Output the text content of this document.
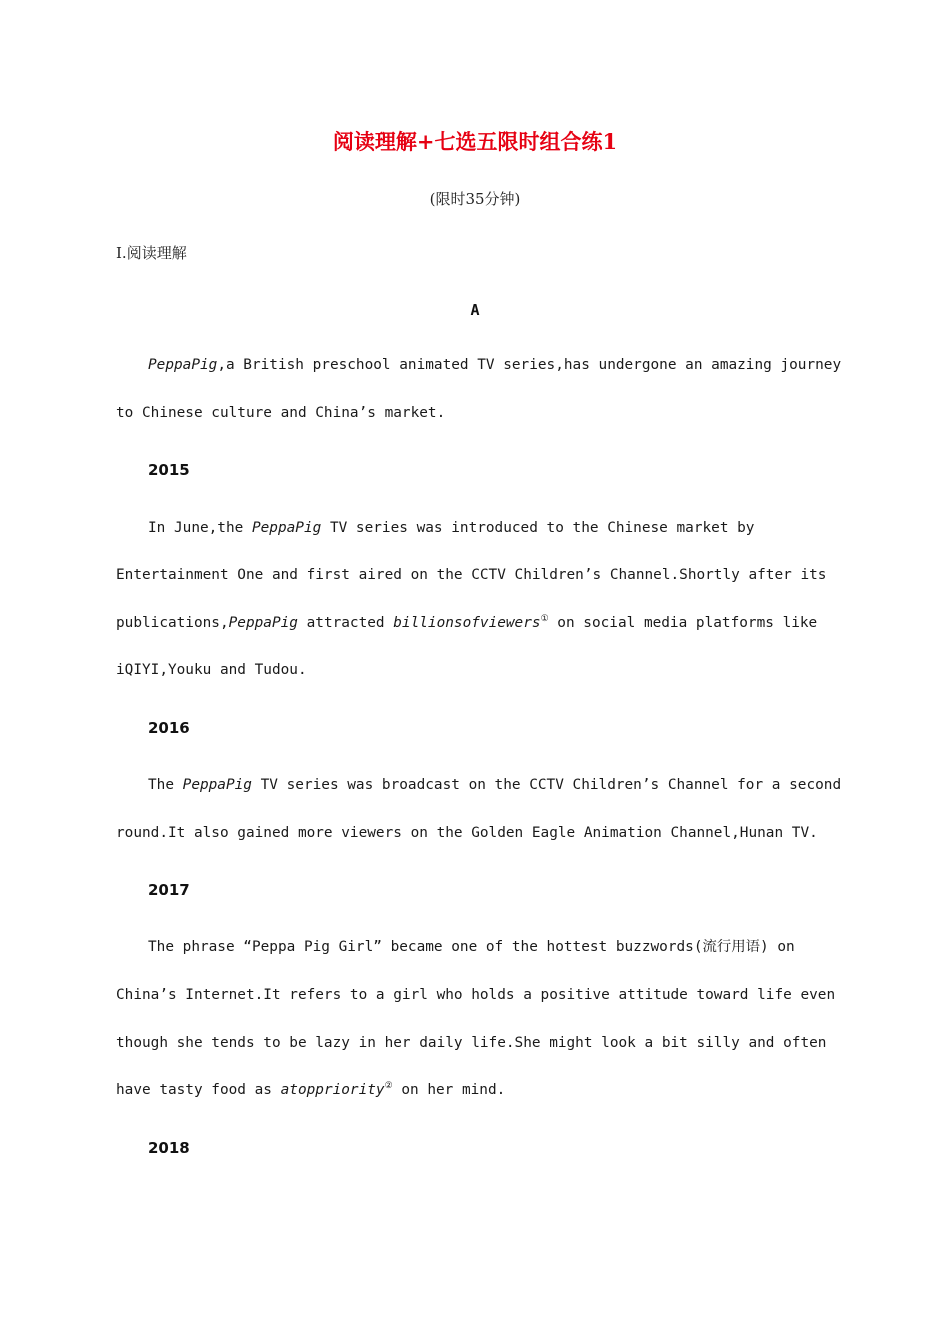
阅读理解+七选五限时组合练1
(限时35分钟)
Ⅰ.阅读理解
A
PeppaPig,a British preschool animated TV series,has undergone an amazing journey
to Chinese culture and China’s market.
2015
In June,the PeppaPig TV series was introduced to the Chinese market by
Entertainment One and first aired on the CCTV Children’s Channel.Shortly after its
publications,PeppaPig attracted billionsofviewers① on social media platforms like
iQIYI,Youku and Tudou.
2016
The PeppaPig TV series was broadcast on the CCTV Children’s Channel for a second
round.It also gained more viewers on the Golden Eagle Animation Channel,Hunan TV.
2017
The phrase “Peppa Pig Girl” became one of the hottest buzzwords(流行用语) on
China’s Internet.It refers to a girl who holds a positive attitude toward life even
though she tends to be lazy in her daily life.She might look a bit silly and often
have tasty food as atoppriority② on her mind.
2018
